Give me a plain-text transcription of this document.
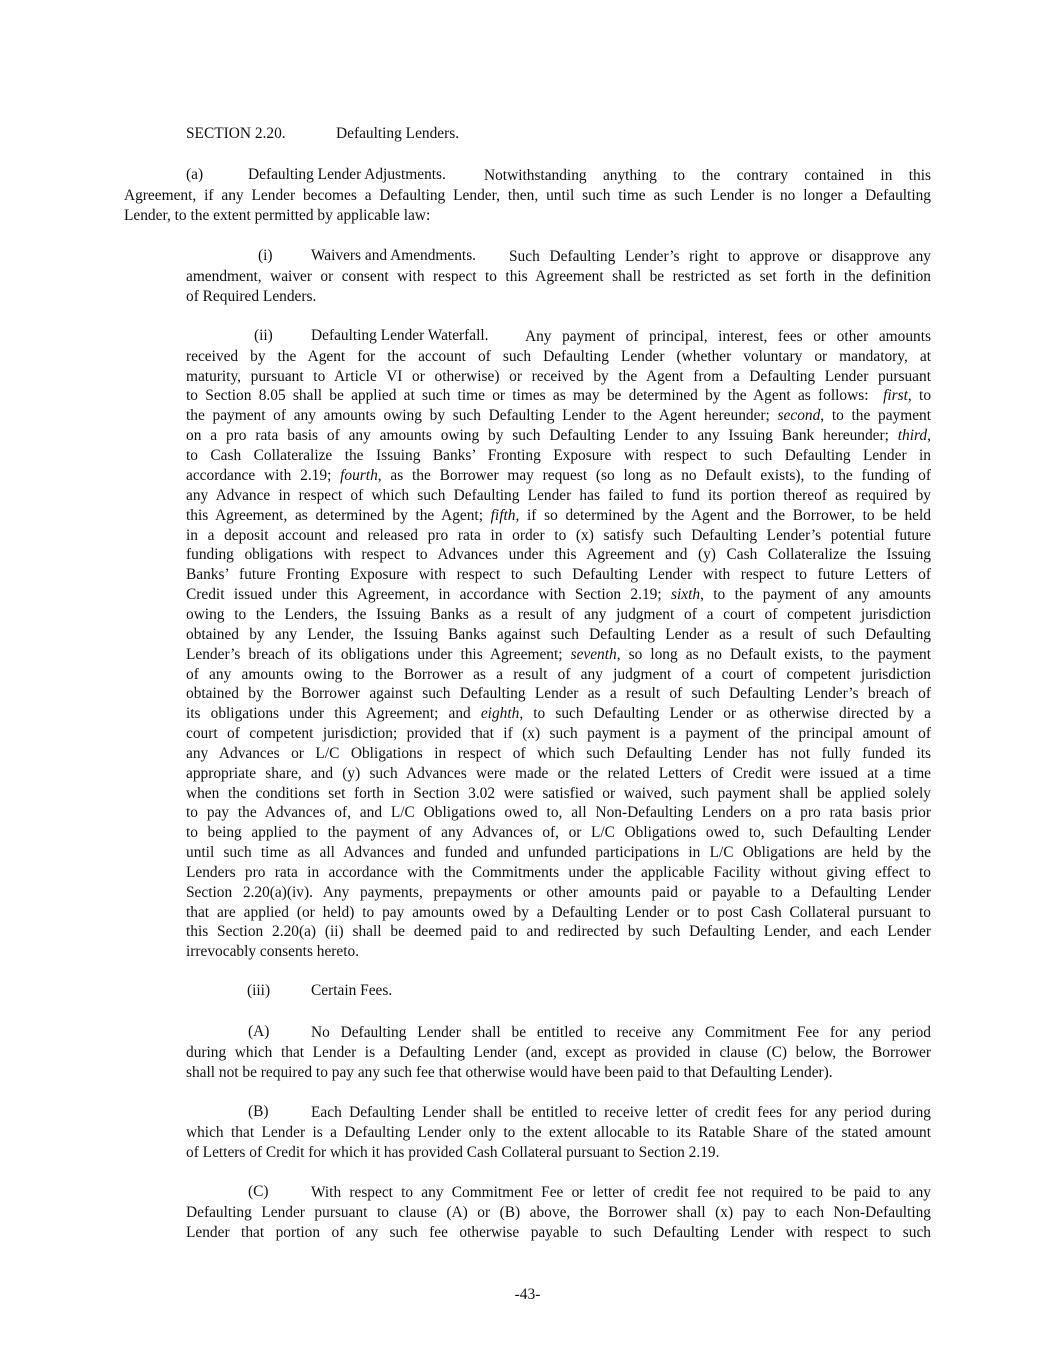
SECTION 2.20.	Defaulting Lenders.
(a)	Defaulting Lender Adjustments. Notwithstanding anything to the contrary contained in this
Agreement, if any Lender becomes a Defaulting Lender, then, until such time as such Lender is no longer a Defaulting
Lender, to the extent permitted by applicable law:
(i) Waivers and Amendments. Such Defaulting Lender’s right to approve or disapprove any
amendment, waiver or consent with respect to this Agreement shall be restricted as set forth in the definition
of Required Lenders.
(ii) Defaulting Lender Waterfall. Any payment of principal, interest, fees or other amounts
received by the Agent for the account of such Defaulting Lender (whether voluntary or mandatory, at
maturity, pursuant to Article VI or otherwise) or received by the Agent from a Defaulting Lender pursuant
to Section 8.05 shall be applied at such time or times as may be determined by the Agent as follows: first, to
the payment of any amounts owing by such Defaulting Lender to the Agent hereunder; second, to the payment
on a pro rata basis of any amounts owing by such Defaulting Lender to any Issuing Bank hereunder; third,
to Cash Collateralize the Issuing Banks’ Fronting Exposure with respect to such Defaulting Lender in
accordance with 2.19; fourth, as the Borrower may request (so long as no Default exists), to the funding of
any Advance in respect of which such Defaulting Lender has failed to fund its portion thereof as required by
this Agreement, as determined by the Agent; fifth, if so determined by the Agent and the Borrower, to be held
in a deposit account and released pro rata in order to (x) satisfy such Defaulting Lender’s potential future
funding obligations with respect to Advances under this Agreement and (y) Cash Collateralize the Issuing
Banks’ future Fronting Exposure with respect to such Defaulting Lender with respect to future Letters of
Credit issued under this Agreement, in accordance with Section 2.19; sixth, to the payment of any amounts
owing to the Lenders, the Issuing Banks as a result of any judgment of a court of competent jurisdiction
obtained by any Lender, the Issuing Banks against such Defaulting Lender as a result of such Defaulting
Lender’s breach of its obligations under this Agreement; seventh, so long as no Default exists, to the payment
of any amounts owing to the Borrower as a result of any judgment of a court of competent jurisdiction
obtained by the Borrower against such Defaulting Lender as a result of such Defaulting Lender’s breach of
its obligations under this Agreement; and eighth, to such Defaulting Lender or as otherwise directed by a
court of competent jurisdiction; provided that if (x) such payment is a payment of the principal amount of
any Advances or L/C Obligations in respect of which such Defaulting Lender has not fully funded its
appropriate share, and (y) such Advances were made or the related Letters of Credit were issued at a time
when the conditions set forth in Section 3.02 were satisfied or waived, such payment shall be applied solely
to pay the Advances of, and L/C Obligations owed to, all Non-Defaulting Lenders on a pro rata basis prior
to being applied to the payment of any Advances of, or L/C Obligations owed to, such Defaulting Lender
until such time as all Advances and funded and unfunded participations in L/C Obligations are held by the
Lenders pro rata in accordance with the Commitments under the applicable Facility without giving effect to
Section 2.20(a)(iv). Any payments, prepayments or other amounts paid or payable to a Defaulting Lender
that are applied (or held) to pay amounts owed by a Defaulting Lender or to post Cash Collateral pursuant to
this Section 2.20(a) (ii) shall be deemed paid to and redirected by such Defaulting Lender, and each Lender
irrevocably consents hereto.
(iii)	Certain Fees.
(A)	No Defaulting Lender shall be entitled to receive any Commitment Fee for any period
during which that Lender is a Defaulting Lender (and, except as provided in clause (C) below, the Borrower
shall not be required to pay any such fee that otherwise would have been paid to that Defaulting Lender).
(B)	Each Defaulting Lender shall be entitled to receive letter of credit fees for any period during
which that Lender is a Defaulting Lender only to the extent allocable to its Ratable Share of the stated amount
of Letters of Credit for which it has provided Cash Collateral pursuant to Section 2.19.
(C)	With respect to any Commitment Fee or letter of credit fee not required to be paid to any
Defaulting Lender pursuant to clause (A) or (B) above, the Borrower shall (x) pay to each Non-Defaulting
Lender that portion of any such fee otherwise payable to such Defaulting Lender with respect to such
-43-
